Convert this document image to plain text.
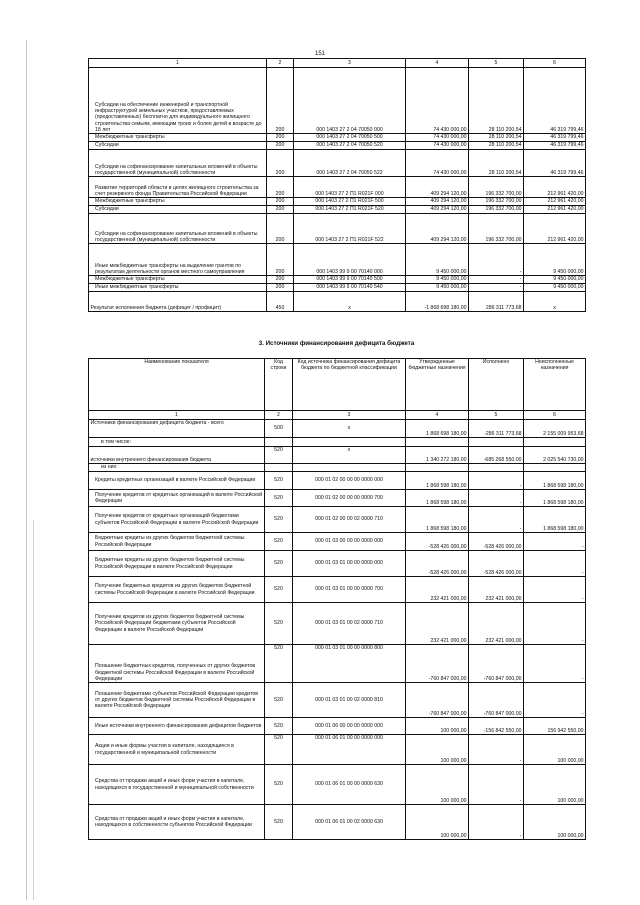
151
1	2	3	4	5	6
Субсидии на обеспечение инженерной и транспортной инфраструктурой земельных участков, предоставляемых (предоставленных) бесплатно для индивидуального жилищного строительства семьям, имеющим троих и более детей в возрасте до 18 лет	200	000 1403 27 2 04 70050 000	74 430 000,00	28 110 200,54	46 319 799,46
Межбюджетные трансферты	200	000 1403 27 2 04 70050 500	74 430 000,00	28 110 200,54	46 319 799,46
Субсидии	200	000 1403 27 2 04 70050 520	74 430 000,00	28 110 200,54	46 319 799,46
Субсидии на софинансирование капитальных вложений в объекты государственной (муниципальной) собственности	200	000 1403 27 2 04 70050 522	74 430 000,00	28 110 200,54	46 319 799,46
Развитие территорий области в целях жилищного строительства за счет резервного фонда Правительства Российской Федерации	200	000 1403 27 2 П1 R021F 000	409 294 120,00	196 332 700,00	212 961 420,00
Межбюджетные трансферты	200	000 1403 27 2 П1 R021F 500	409 294 120,00	196 332 700,00	212 961 420,00
Субсидии	200	000 1403 27 2 П1 R021F 520	409 294 120,00	196 332 700,00	212 961 420,00
Субсидии на софинансирование капитальных вложений в объекты государственной (муниципальной) собственности	200	000 1403 27 2 П1 R021F 522	409 294 120,00	196 332 700,00	212 961 420,00
Иные межбюджетные трансферты на выделение грантов по результатам деятельности органов местного самоуправления	200	000 1403 99 9 00 70140 000	9 450 000,00	-	9 450 000,00
Межбюджетные трансферты	200	000 1403 99 9 00 70140 500	9 450 000,00	-	9 450 000,00
Иные межбюджетные трансферты	200	000 1403 99 9 00 70140 540	9 450 000,00	-	9 450 000,00
Результат исполнения бюджета (дефицит / профицит)	450	x	-1 868 698 180,00	286 311 773,68	x
3. Источники финансирования дефицита бюджета
Наименование показателя	Код строки	Код источника финансирования дефицита бюджета по бюджетной классификации	Утвержденные бюджетные назначения	Исполнено	Неисполненные назначения
1	2	3	4	5	6
Источники финансирования дефицита бюджета - всего	500	x	1 868 698 180,00	-286 311 773,68	2 155 009 953,68
в том числе:					
источники внутреннего финансирования бюджета	520	x	1 340 272 180,00	-685 268 550,00	2 025 540 730,00
из них:					
Кредиты кредитных организаций в валюте Российской Федерации	520	000 01 02 00 00 00 0000 000	1 868 598 180,00	-	1 868 598 180,00
Получение кредитов от кредитных организаций в валюте Российской Федерации	520	000 01 02 00 00 00 0000 700	1 868 598 180,00	-	1 868 598 180,00
Получение кредитов от кредитных организаций бюджетами субъектов Российской Федерации в валюте Российской Федерации	520	000 01 02 00 00 02 0000 710	1 868 598 180,00	-	1 868 598 180,00
Бюджетные кредиты из других бюджетов бюджетной системы Российской Федерации	520	000 01 03 00 00 00 0000 000	-528 426 000,00	-528 426 000,00	-
Бюджетные кредиты из других бюджетов бюджетной системы Российской Федерации в валюте Российской Федерации	520	000 01 03 01 00 00 0000 000	-528 426 000,00	-528 426 000,00	-
Получение бюджетных кредитов из других бюджетов бюджетной системы Российской Федерации в валюте Российской Федерации	520	000 01 03 01 00 00 0000 700	232 421 000,00	232 421 000,00	-
Получение кредитов из других бюджетов бюджетной системы Российской Федерации бюджетами субъектов Российской Федерации в валюте Российской Федерации	520	000 01 03 01 00 02 0000 710	232 421 000,00	232 421 000,00	-
Погашение бюджетных кредитов, полученных от других бюджетов бюджетной системы Российской Федерации в валюте Российской Федерации	520	000 01 03 01 00 00 0000 800	-760 847 000,00	-760 847 000,00	-
Погашение бюджетами субъектов Российской Федерации кредитов от других бюджетов бюджетной системы Российской Федерации в валюте Российской Федерации	520	000 01 03 01 00 02 0000 810	-760 847 000,00	-760 847 000,00	-
Иные источники внутреннего финансирования дефицитов бюджетов	520	000 01 06 00 00 00 0000 000	100 000,00	-156 842 550,00	156 942 550,00
Акции и иные формы участия в капитале, находящиеся в государственной и муниципальной собственности	520	000 01 06 01 00 00 0000 000	100 000,00	-	100 000,00
Средства от продажи акций и иных форм участия в капитале, находящихся в государственной и муниципальной собственности	520	000 01 06 01 00 00 0000 630	100 000,00	-	100 000,00
Средства от продажи акций и иных форм участия в капитале, находящихся в собственности субъектов Российской Федерации	520	000 01 06 01 00 02 0000 630	100 000,00	-	100 000,00
